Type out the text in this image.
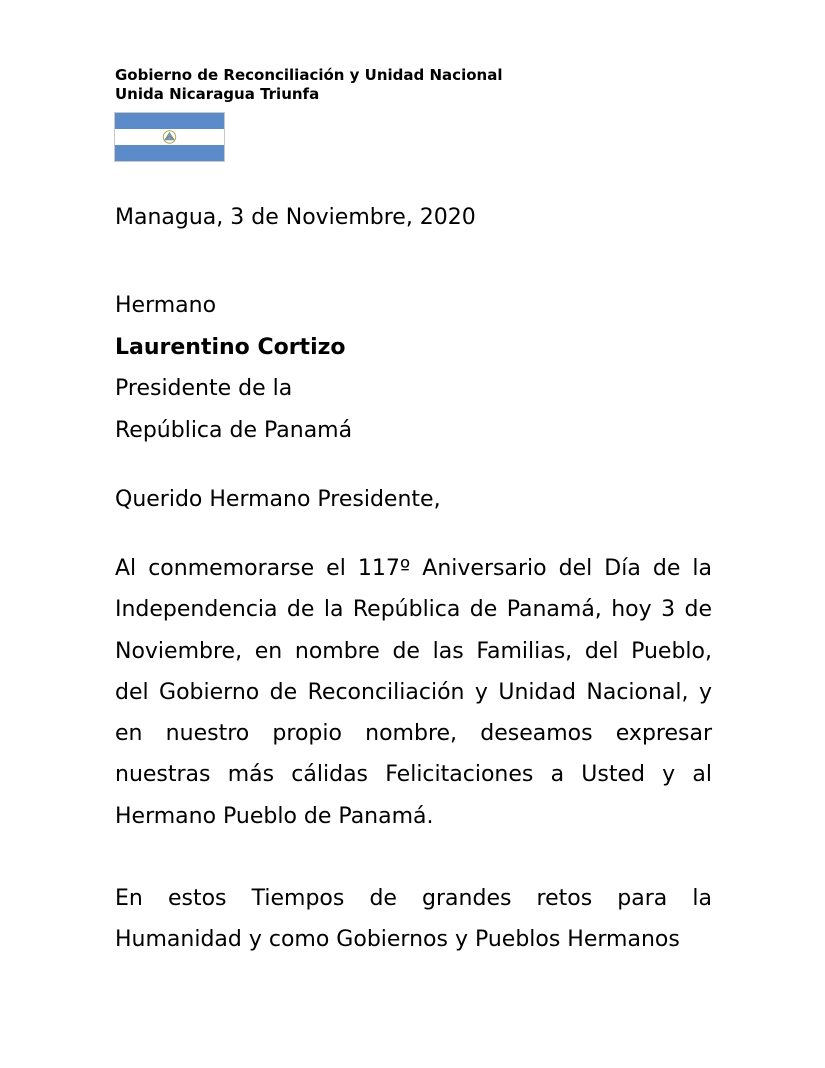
Gobierno de Reconciliación y Unidad Nacional
Unida Nicaragua Triunfa
Managua, 3 de Noviembre, 2020
Hermano
Laurentino Cortizo
Presidente de la
República de Panamá
Querido Hermano Presidente,

Al conmemorarse el 117º Aniversario del Día de la Independencia de la República de Panamá, hoy 3 de Noviembre, en nombre de las Familias, del Pueblo, del Gobierno de Reconciliación y Unidad Nacional, y en nuestro propio nombre, deseamos expresar nuestras más cálidas Felicitaciones a Usted y al Hermano Pueblo de Panamá.

En estos Tiempos de grandes retos para la Humanidad y como Gobiernos y Pueblos Hermanos
